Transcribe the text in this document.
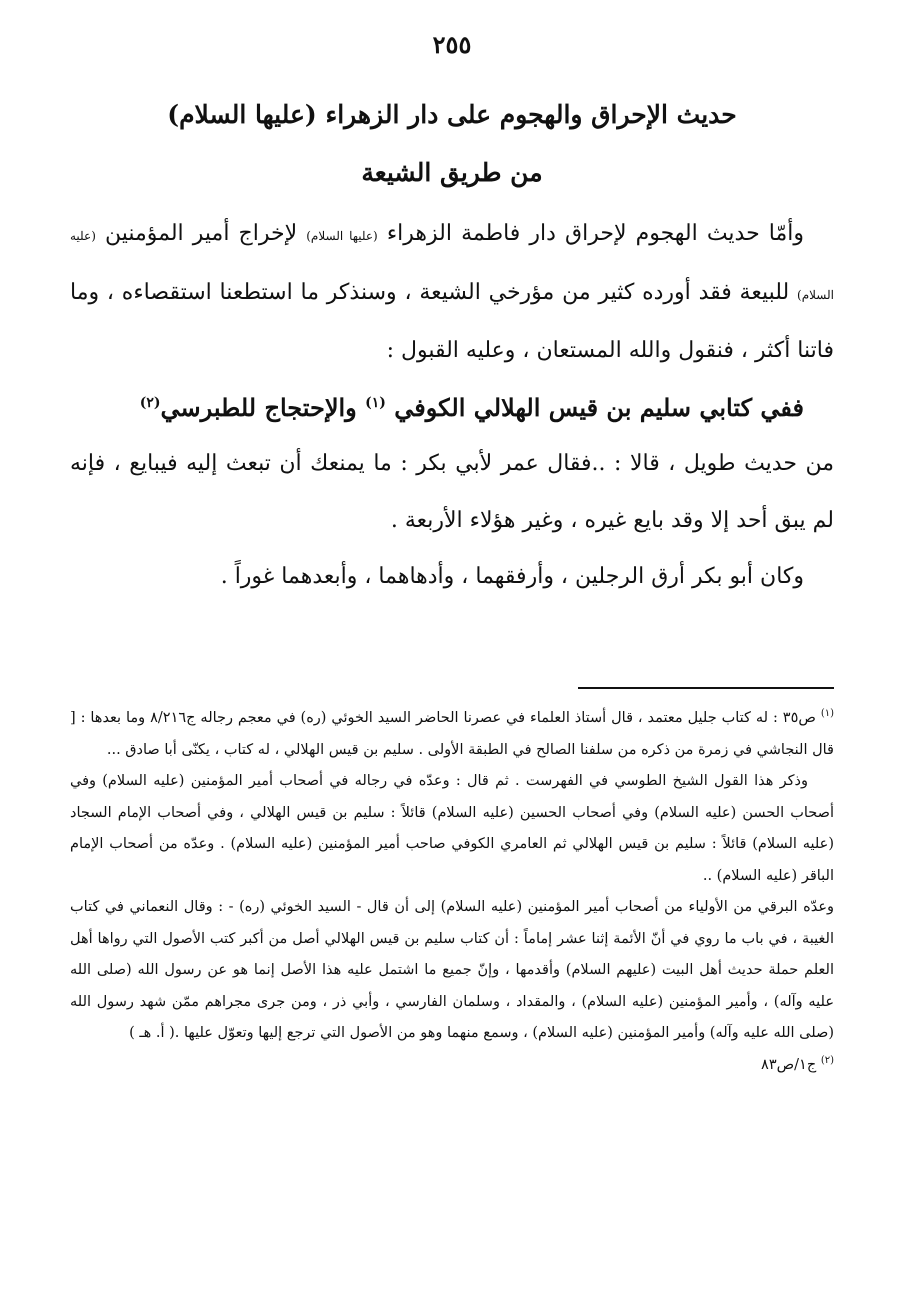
٢٥٥
حديث الإحراق والهجوم على دار الزهراء (عليها السلام)
من طريق الشيعة

وأمّا حديث الهجوم لإحراق دار فاطمة الزهراء (عليها السلام) لإخراج أمير المؤمنين (عليه السلام) للبيعة فقد أورده كثير من مؤرخي الشيعة ، وسنذكر ما استطعنا استقصاءه ، وما فاتنا أكثر ، فنقول والله المستعان ، وعليه القبول :

ففي كتابي سليم بن قيس الهلالي الكوفي $^{(١)}$ والإحتجاج للطبرسي$^{(٢)}$

من حديث طويل ، قالا : ..فقال عمر لأبي بكر : ما يمنعك أن تبعث إليه فيبايع ، فإنه لم يبق أحد إلا وقد بايع غيره ، وغير هؤلاء الأربعة .

وكان أبو بكر أرق الرجلين ، وأرفقهما ، وأدهاهما ، وأبعدهما غوراً .

$^{(١)}$ ص٣٥ : له كتاب جليل معتمد ، قال أستاذ العلماء في عصرنا الحاضر السيد الخوئي (ره) في معجم رجاله ج٨/٢١٦ وما بعدها : [ قال النجاشي في زمرة من ذكره من سلفنا الصالح في الطبقة الأولى . سليم بن قيس الهلالي ، له كتاب ، يكنّى أبا صادق ...

وذكر هذا القول الشيخ الطوسي في الفهرست . ثم قال : وعدّه في رجاله في أصحاب أمير المؤمنين (عليه السلام) وفي أصحاب الحسن (عليه السلام) وفي أصحاب الحسين (عليه السلام) قائلاً : سليم بن قيس الهلالي ، وفي أصحاب الإمام السجاد (عليه السلام) قائلاً : سليم بن قيس الهلالي ثم العامري الكوفي صاحب أمير المؤمنين (عليه السلام) . وعدّه من أصحاب الإمام الباقر (عليه السلام) ..

وعدّه البرقي من الأولياء من أصحاب أمير المؤمنين (عليه السلام) إلى أن قال - السيد الخوئي (ره) - : وقال النعماني في كتاب الغيبة ، في باب ما روي في أنّ الأئمة إثنا عشر إماماً : أن كتاب سليم بن قيس الهلالي أصل من أكبر كتب الأصول التي رواها أهل العلم حملة حديث أهل البيت (عليهم السلام) وأقدمها ، وإنّ جميع ما اشتمل عليه هذا الأصل إنما هو عن رسول الله (صلى الله عليه وآله) ، وأمير المؤمنين (عليه السلام) ، والمقداد ، وسلمان الفارسي ، وأبي ذر ، ومن جرى مجراهم ممّن شهد رسول الله (صلى الله عليه وآله) وأمير المؤمنين (عليه السلام) ، وسمع منهما وهو من الأصول التي ترجع إليها وتعوّل عليها .( أ. هـ )

$^{(٢)}$ ج١/ص٨٣
